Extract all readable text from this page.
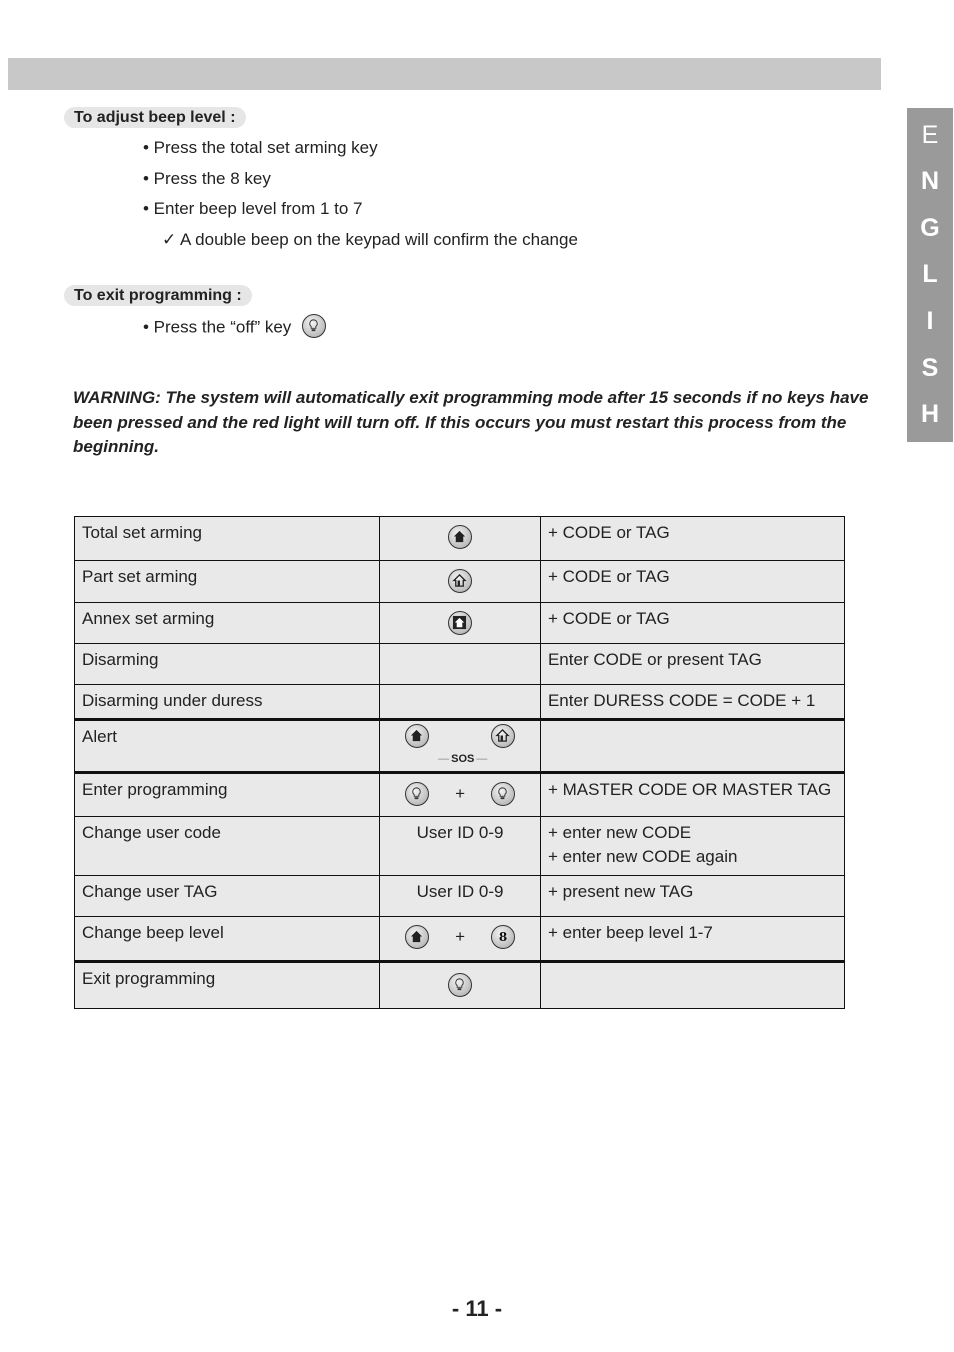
E
N
G
L
I
S
H
To adjust beep level :
• Press the total set arming key
• Press the 8 key
• Enter beep level from 1 to 7
✓ A double beep on the keypad will confirm the change
To exit programming :
• Press the “off” key
WARNING: The system will automatically exit programming mode after 15 seconds if no keys have been pressed and the red light will turn off. If this occurs you must restart this process from the beginning.
Total set arming		+ CODE or TAG
Part set arming		+ CODE or TAG
Annex set arming		+ CODE or TAG
Disarming		Enter CODE or present TAG
Disarming under duress		Enter DURESS CODE = CODE + 1
Alert	― SOS ―

Enter programming	+	+ MASTER CODE OR MASTER TAG
Change user code	User ID 0-9	+ enter new CODE
+ enter new CODE again

Change user TAG	User ID 0-9	+ present new TAG
Change beep level	+ 8	+ enter beep level 1-7
Exit programming	

- 11 -
